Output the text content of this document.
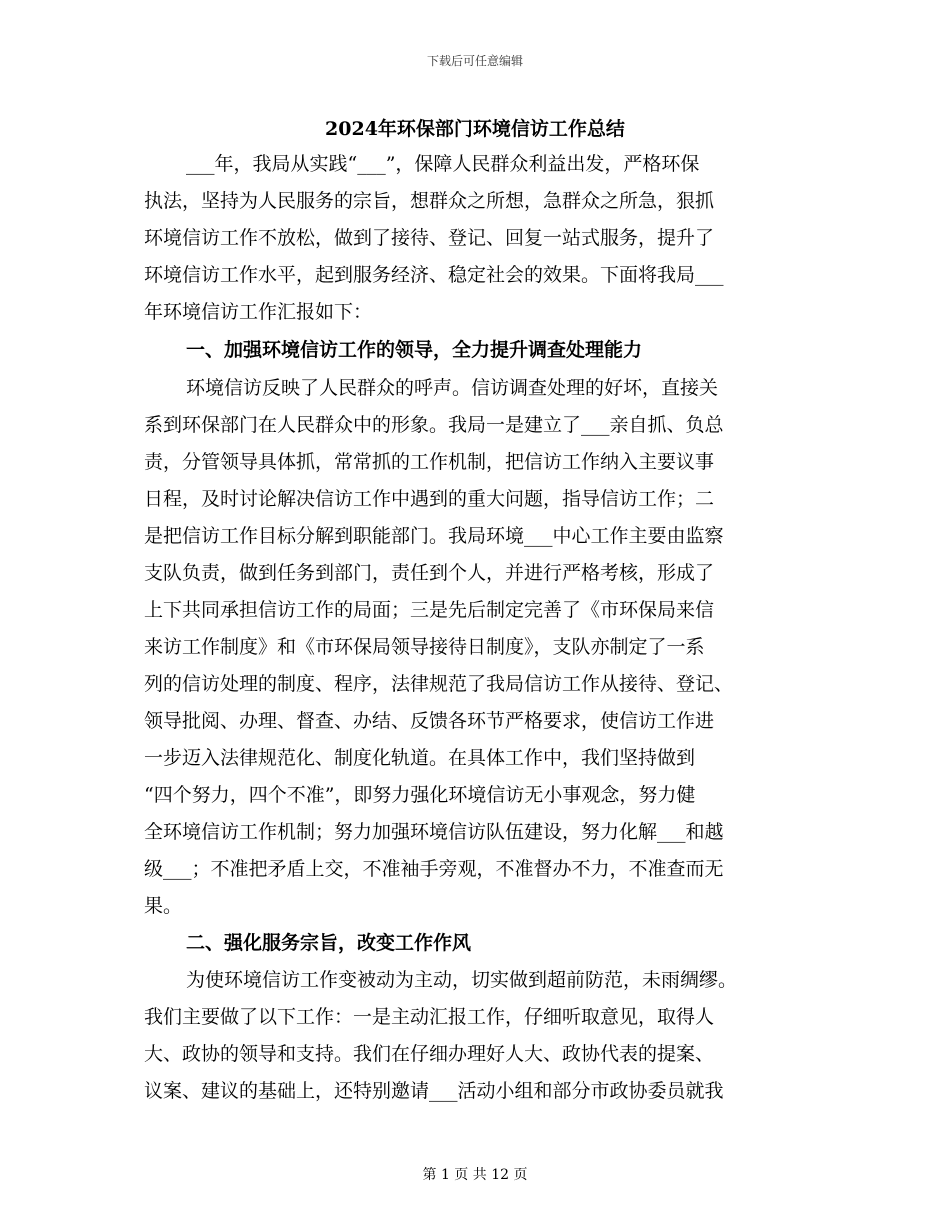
下载后可任意编辑
2024年环保部门环境信访工作总结
___年，我局从实践“___”，保障人民群众利益出发，严格环保
执法，坚持为人民服务的宗旨，想群众之所想，急群众之所急，狠抓
环境信访工作不放松，做到了接待、登记、回复一站式服务，提升了
环境信访工作水平，起到服务经济、稳定社会的效果。下面将我局___
年环境信访工作汇报如下：
一、加强环境信访工作的领导，全力提升调查处理能力
环境信访反映了人民群众的呼声。信访调查处理的好坏，直接关
系到环保部门在人民群众中的形象。我局一是建立了___亲自抓、负总
责，分管领导具体抓，常常抓的工作机制，把信访工作纳入主要议事
日程，及时讨论解决信访工作中遇到的重大问题，指导信访工作；二
是把信访工作目标分解到职能部门。我局环境___中心工作主要由监察
支队负责，做到任务到部门，责任到个人，并进行严格考核，形成了
上下共同承担信访工作的局面；三是先后制定完善了《市环保局来信
来访工作制度》和《市环保局领导接待日制度》，支队亦制定了一系
列的信访处理的制度、程序，法律规范了我局信访工作从接待、登记、
领导批阅、办理、督查、办结、反馈各环节严格要求，使信访工作进
一步迈入法律规范化、制度化轨道。在具体工作中，我们坚持做到
“四个努力，四个不准”，即努力强化环境信访无小事观念，努力健
全环境信访工作机制；努力加强环境信访队伍建设，努力化解___和越
级___；不准把矛盾上交，不准袖手旁观，不准督办不力，不准查而无
果。
二、强化服务宗旨，改变工作作风
为使环境信访工作变被动为主动，切实做到超前防范，未雨绸缪。
我们主要做了以下工作：一是主动汇报工作，仔细听取意见，取得人
大、政协的领导和支持。我们在仔细办理好人大、政协代表的提案、
议案、建议的基础上，还特别邀请___活动小组和部分市政协委员就我
第 1 页 共 12 页
